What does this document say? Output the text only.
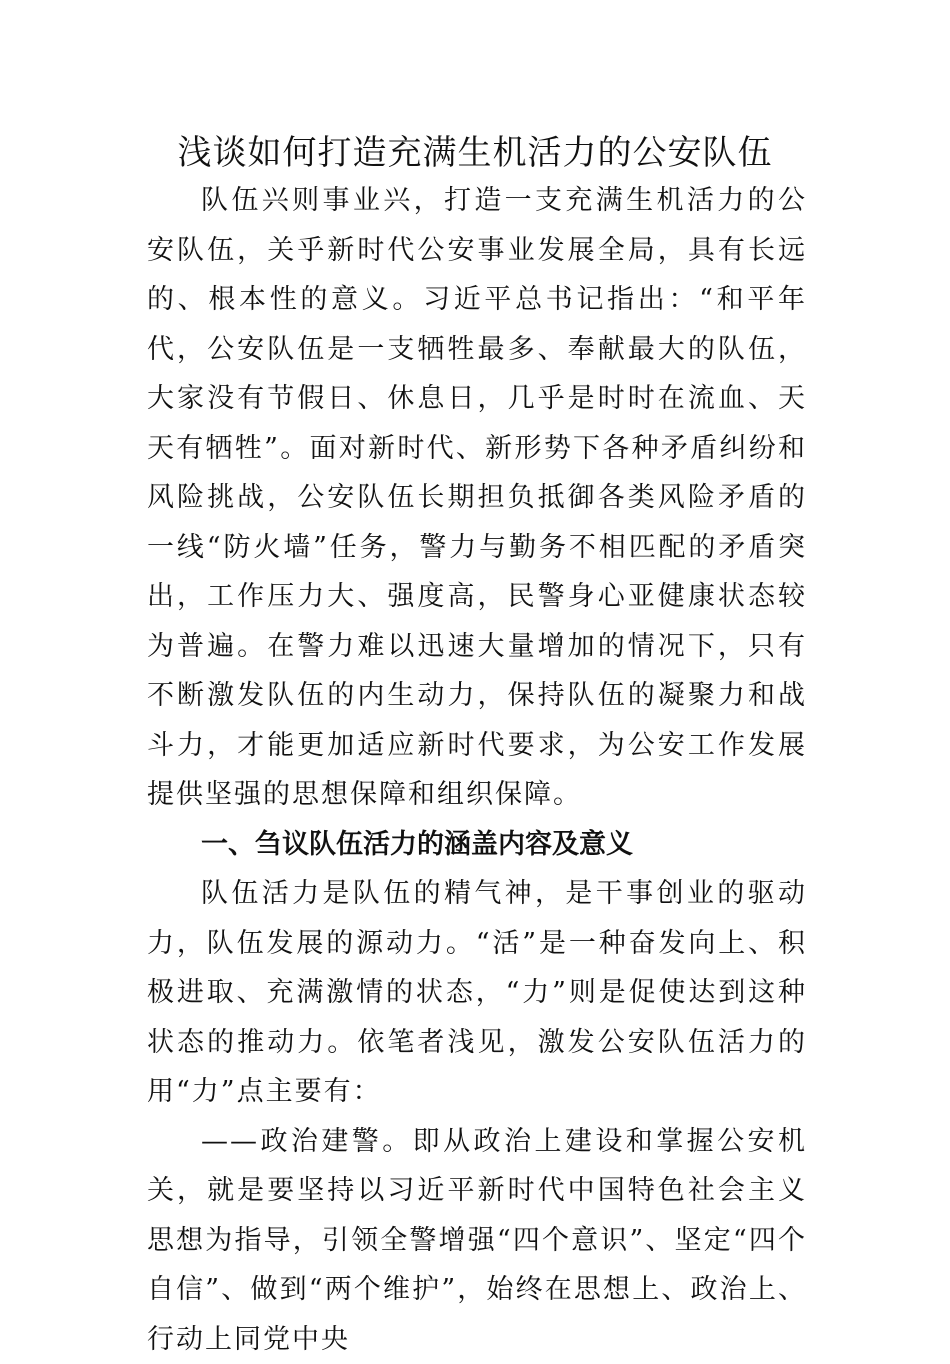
浅谈如何打造充满生机活力的公安队伍

队伍兴则事业兴，打造一支充满生机活力的公安队伍，关乎新时代公安事业发展全局，具有长远的、根本性的意义。习近平总书记指出：“和平年代，公安队伍是一支牺牲最多、奉献最大的队伍，大家没有节假日、休息日，几乎是时时在流血、天天有牺牲”。面对新时代、新形势下各种矛盾纠纷和风险挑战，公安队伍长期担负抵御各类风险矛盾的一线“防火墙”任务，警力与勤务不相匹配的矛盾突出，工作压力大、强度高，民警身心亚健康状态较为普遍。在警力难以迅速大量增加的情况下，只有不断激发队伍的内生动力，保持队伍的凝聚力和战斗力，才能更加适应新时代要求，为公安工作发展提供坚强的思想保障和组织保障。

一、刍议队伍活力的涵盖内容及意义

队伍活力是队伍的精气神，是干事创业的驱动力，队伍发展的源动力。“活”是一种奋发向上、积极进取、充满激情的状态，“力”则是促使达到这种状态的推动力。依笔者浅见，激发公安队伍活力的用“力”点主要有：

——政治建警。即从政治上建设和掌握公安机关，就是要坚持以习近平新时代中国特色社会主义思想为指导，引领全警增强“四个意识”、坚定“四个自信”、做到“两个维护”，始终在思想上、政治上、行动上同党中央
